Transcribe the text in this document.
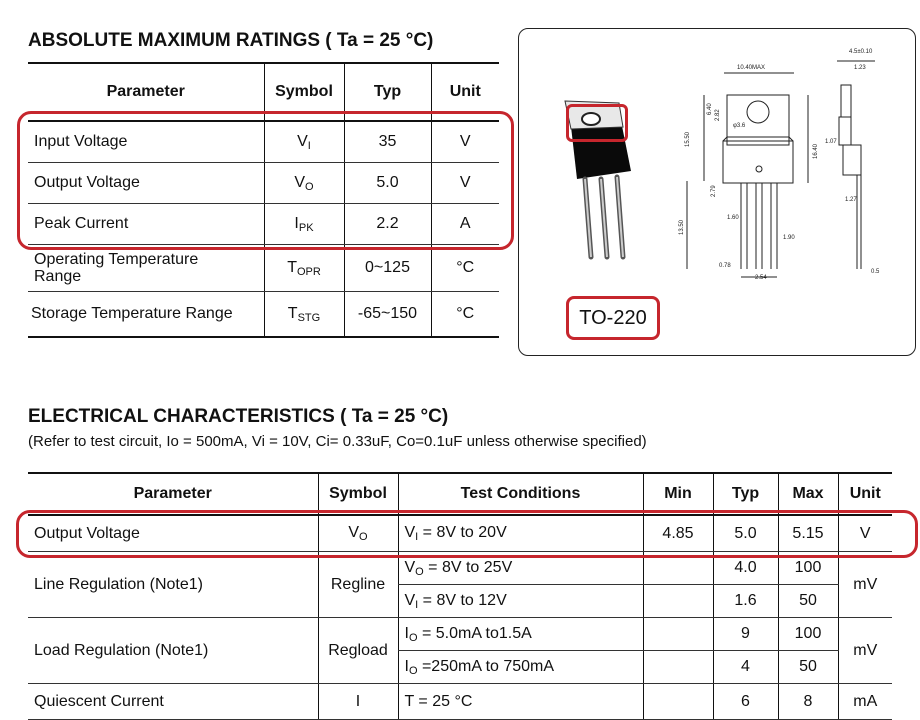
ABSOLUTE MAXIMUM RATINGS ( Ta = 25 °C)
Parameter	Symbol	Typ	Unit
Input Voltage	VI	35	V
Output Voltage	VO	5.0	V
Peak Current	IPK	2.2	A
Operating Temperature
Range	TOPR	0~125	°C
Storage Temperature Range	TSTG	-65~150	°C
10.40MAX
4.5±0.10
1.23
6.40
2.82
15.50
16.40
1.07
2.79
13.50
1.60
1.90
0.78
2.54
0.5
1.27
φ3.6
TO-220
ELECTRICAL CHARACTERISTICS ( Ta = 25 °C)
(Refer to test circuit, Io = 500mA, Vi = 10V, Ci= 0.33uF, Co=0.1uF unless otherwise specified)
Parameter	Symbol	Test Conditions	Min	Typ	Max	Unit
Output Voltage	VO	VI = 8V to 20V	4.85	5.0	5.15	V
Line Regulation (Note1)	Regline	VO = 8V to 25V		4.0	100	mV
		VI = 8V to 12V		1.6	50	
Load Regulation (Note1)	Regload	IO = 5.0mA to1.5A		9	100	mV
		IO =250mA to 750mA		4	50	
Quiescent Current	I	T = 25 °C		6	8	mA
